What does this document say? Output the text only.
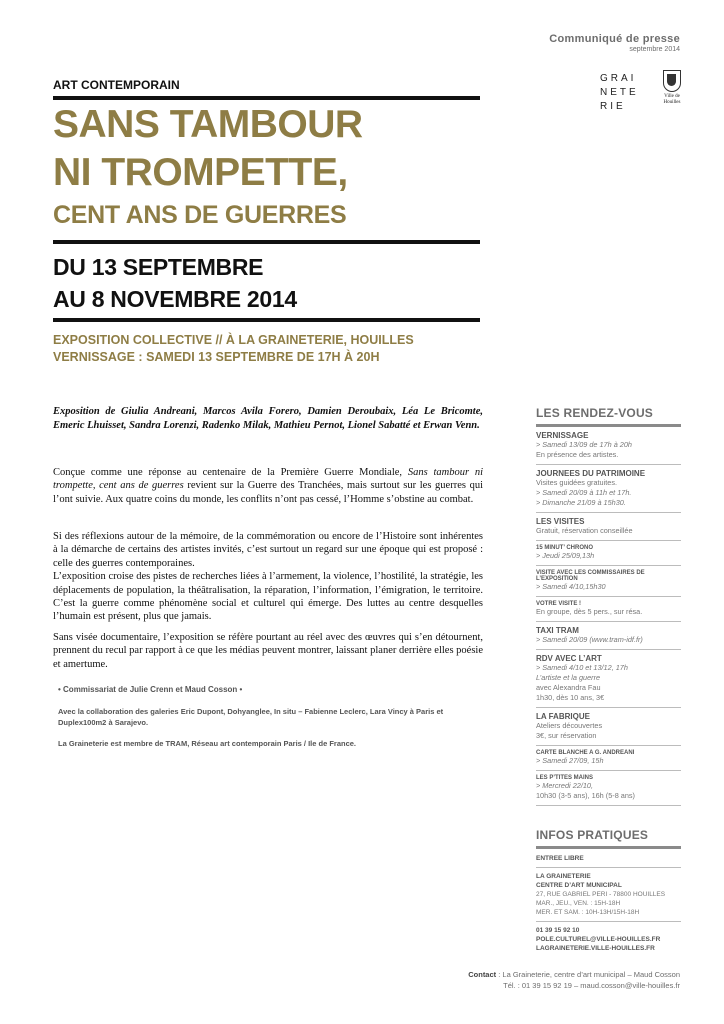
Communiqué de presse
septembre 2014
GRAI
NETE
RIE
Ville de
Houilles
ART CONTEMPORAIN
SANS TAMBOUR
NI TROMPETTE,
CENT ANS DE GUERRES
DU 13 SEPTEMBRE
AU 8 NOVEMBRE 2014
EXPOSITION COLLECTIVE // À LA GRAINETERIE, HOUILLES
VERNISSAGE : SAMEDI 13 SEPTEMBRE DE 17H À 20H
Exposition de Giulia Andreani, Marcos Avila Forero, Damien Deroubaix, Léa Le Bricomte, Emeric Lhuisset, Sandra Lorenzi, Radenko Milak, Mathieu Pernot, Lionel Sabatté et Erwan Venn.
Conçue comme une réponse au centenaire de la Première Guerre Mondiale, Sans tambour ni trompette, cent ans de guerres revient sur la Guerre des Tranchées, mais surtout sur les guerres qui l’ont suivie. Aux quatre coins du monde, les conflits n’ont pas cessé, l’Homme s’obstine au combat.
Si des réflexions autour de la mémoire, de la commémoration ou encore de l’Histoire sont inhérentes à la démarche de certains des artistes invités, c’est surtout un regard sur une époque qui est proposé : celle des guerres contemporaines.
L’exposition croise des pistes de recherches liées à l’armement, la violence, l’hostilité, la stratégie, les déplacements de population, la théâtralisation, la réparation, l’information, l’émigration, le territoire. C’est la guerre comme phénomène social et culturel qui émerge. Des luttes au centre desquelles l’humain est présent, plus que jamais.
Sans visée documentaire, l’exposition se réfère pourtant au réel avec des œuvres qui s’en détournent, prennent du recul par rapport à ce que les médias peuvent montrer, laissant planer derrière elles poésie et amertume.
• Commissariat de Julie Crenn et Maud Cosson •
Avec la collaboration des galeries Eric Dupont, Dohyanglee, In situ – Fabienne Leclerc, Lara Vincy à Paris et Duplex100m2 à Sarajevo.
La Graineterie est membre de TRAM, Réseau art contemporain Paris / Ile de France.
LES RENDEZ-VOUS
VERNISSAGE
> Samedi 13/09 de 17h à 20h
En présence des artistes.
JOURNEES DU PATRIMOINE
Visites guidées gratuites.
> Samedi 20/09 à 11h et 17h.
> Dimanche 21/09 à 15h30.
LES VISITES
Gratuit, réservation conseillée
15 MINUT’ CHRONO
> Jeudi 25/09,13h
VISITE AVEC LES COMMISSAIRES DE L’EXPOSITION
> Samedi 4/10,15h30
VOTRE VISITE !
En groupe, dès 5 pers., sur résa.
TAXI TRAM
> Samedi 20/09 (www.tram-idf.fr)
RDV AVEC L’ART
> Samedi 4/10 et 13/12, 17h
L’artiste et la guerre
avec Alexandra Fau
1h30, dès 10 ans, 3€
LA FABRIQUE
Ateliers découvertes
3€, sur réservation
CARTE BLANCHE A G. ANDREANI
> Samedi 27/09, 15h
LES P’TITES MAINS
> Mercredi 22/10,
10h30 (3-5 ans), 16h (5-8 ans)
INFOS PRATIQUES
ENTREE LIBRE
LA GRAINETERIE
CENTRE D’ART MUNICIPAL
27, RUE GABRIEL PERI - 78800 HOUILLES
MAR., JEU., VEN. : 15H-18H
MER. ET SAM. : 10H-13H/15H-18H
01 39 15 92 10
POLE.CULTUREL@VILLE-HOUILLES.FR
LAGRAINETERIE.VILLE-HOUILLES.FR
Contact : La Graineterie, centre d’art municipal – Maud Cosson
Tél. : 01 39 15 92 19 – maud.cosson@ville-houilles.fr
